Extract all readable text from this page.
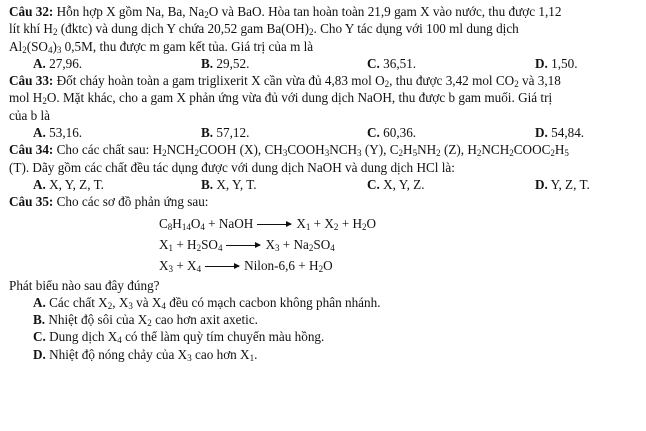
Câu 32: Hỗn hợp X gồm Na, Ba, $Na_2O$ và BaO. Hòa tan hoàn toàn 21,9 gam X vào nước, thu được 1,12
lít khí $H_2$ (đktc) và dung dịch Y chứa 20,52 gam $Ba(OH)_2$. Cho Y tác dụng với 100 ml dung dịch
$Al_2(SO_4)_3$ 0,5M, thu được m gam kết tủa. Giá trị của m là
A. 27,96.	B. 29,52.	C. 36,51.	D. 1,50.
Câu 33: Đốt cháy hoàn toàn a gam triglixerit X cần vừa đủ 4,83 mol $O_2$, thu được 3,42 mol $CO_2$ và 3,18
mol $H_2O$. Mặt khác, cho a gam X phản ứng vừa đủ với dung dịch NaOH, thu được b gam muối. Giá trị
của b là
A. 53,16.	B. 57,12.	C. 60,36.	D. 54,84.
Câu 34: Cho các chất sau: $H_2NCH_2COOH$ (X), $CH_3COOH_3NCH_3$ (Y), $C_2H_5NH_2$ (Z), $H_2NCH_2COOC_2H_5$
(T). Dãy gồm các chất đều tác dụng được với dung dịch NaOH và dung dịch HCl là:
A. X, Y, Z, T.	B. X, Y, T.	C. X, Y, Z.	D. Y, Z, T.
Câu 35: Cho các sơ đồ phản ứng sau:
$C_8H_{14}O_4$ + NaOH → $X_1 + X_2 + H_2O$
$X_1 + H_2SO_4 \to X_3 + Na_2SO_4$
$X_3 + X_4$ → Nilon-6,6 + $H_2O$
Phát biểu nào sau đây đúng?
A. Các chất $X_2$, $X_3$ và $X_4$ đều có mạch cacbon không phân nhánh.
B. Nhiệt độ sôi của $X_2$ cao hơn axit axetic.
C. Dung dịch $X_4$ có thể làm quỳ tím chuyển màu hồng.
D. Nhiệt độ nóng chảy của $X_3$ cao hơn $X_1$.
